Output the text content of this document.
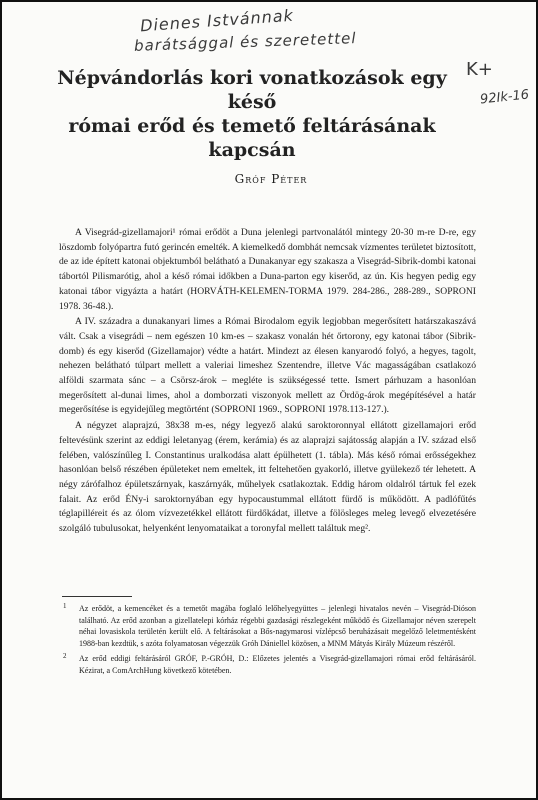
Dienes Istvánnak
barátsággal és szeretettel
K+
92Ik-16
Népvándorlás kori vonatkozások egy késő
római erőd és temető feltárásának kapcsán
Gróf Péter

A Visegrád-gizellamajori¹ római erődöt a Duna jelenlegi partvonalától mintegy 20-30 m-re D-re, egy löszdomb folyópartra futó gerincén emelték. A kiemelkedő dombhát nemcsak vízmentes területet biztosított, de az ide épített katonai objektumból belátható a Dunakanyar egy szakasza a Visegrád-Sibrik-dombi katonai tábortól Pilismarótig, ahol a késő római időkben a Duna-parton egy kiserőd, az ún. Kis hegyen pedig egy katonai tábor vigyázta a határt (HORVÁTH-KELEMEN-TORMA 1979. 284-286., 288-289., SOPRONI 1978. 36-48.).

A IV. századra a dunakanyari limes a Római Birodalom egyik legjobban megerősített határszakaszává vált. Csak a visegrádi – nem egészen 10 km-es – szakasz vonalán hét őrtorony, egy katonai tábor (Sibrik-domb) és egy kiserőd (Gizellamajor) védte a határt. Mindezt az élesen kanyarodó folyó, a hegyes, tagolt, nehezen belátható túlpart mellett a valeriai limeshez Szentendre, illetve Vác magasságában csatlakozó alföldi szarmata sánc – a Csörsz-árok – megléte is szükségessé tette. Ismert párhuzam a hasonlóan megerősített al-dunai limes, ahol a domborzati viszonyok mellett az Ördög-árok megépítésével a határ megerősítése is egyidejűleg megtörtént (SOPRONI 1969., SOPRONI 1978.113-127.).

A négyzet alaprajzú, 38x38 m-es, négy legyező alakú saroktoronnyal ellátott gizellamajori erőd feltevésünk szerint az eddigi leletanyag (érem, kerámia) és az alaprajzi sajátosság alapján a IV. század első felében, valószínűleg I. Constantinus uralkodása alatt épülhetett (1. tábla). Más késő római erősségekhez hasonlóan belső részében épületeket nem emeltek, itt feltehetően gyakorló, illetve gyülekező tér lehetett. A négy zárófalhoz épületszárnyak, kaszárnyák, műhelyek csatlakoztak. Eddig három oldalról tártuk fel ezek falait. Az erőd ÉNy-i saroktornyában egy hypocaustummal ellátott fürdő is működött. A padlófűtés téglapilléreit és az ólom vízvezetékkel ellátott fürdőkádat, illetve a fölösleges meleg levegő elvezetésére szolgáló tubulusokat, helyenként lenyomataikat a toronyfal mellett találtuk meg².

1 Az erődöt, a kemencéket és a temetőt magába foglaló lelőhelyegyüttes – jelenlegi hivatalos nevén – Visegrád-Dióson található. Az erőd azonban a gizellatelepi kórház régebbi gazdasági részlegeként működő és Gizellamajor néven szerepelt néhai lovasiskola területén került elő. A feltárásokat a Bős-nagymarosi vízlépcső beruházásait megelőző leletmentésként 1988-ban kezdtük, s azóta folyamatosan végezzük Gróh Dániellel közösen, a MNM Mátyás Király Múzeum részéről.
2 Az erőd eddigi feltárásáról GRÓF, P.-GRÓH, D.: Előzetes jelentés a Visegrád-gizellamajori római erőd feltárásáról. Kézirat, a ComArchHung következő kötetében.
